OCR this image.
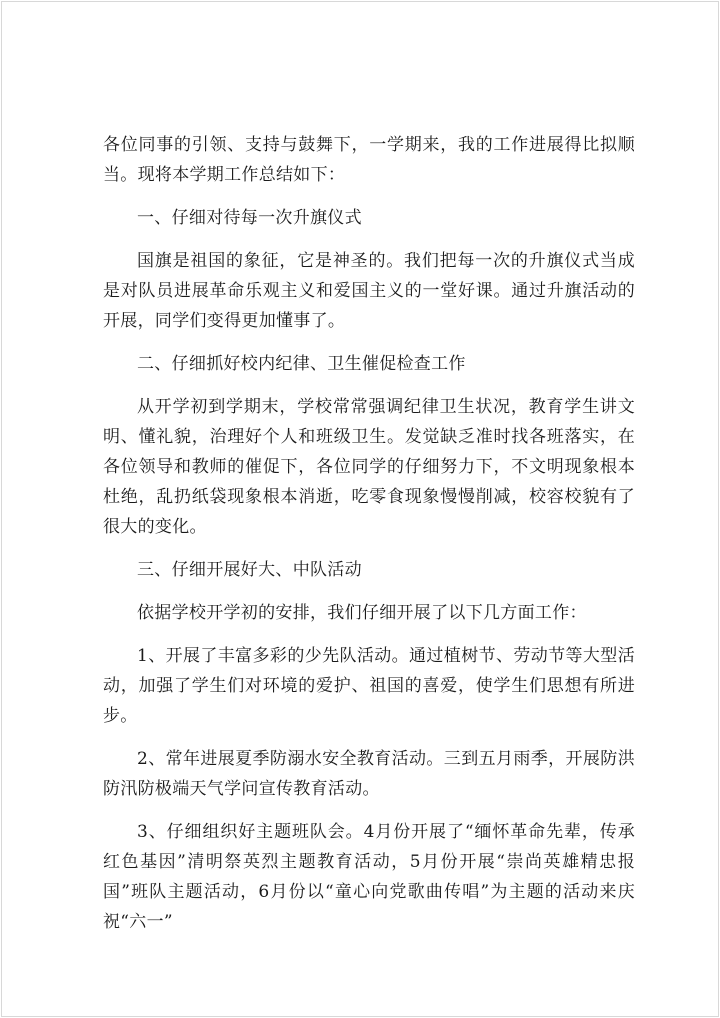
各位同事的引领、支持与鼓舞下，一学期来，我的工作进展得比拟顺当。现将本学期工作总结如下：

一、仔细对待每一次升旗仪式

国旗是祖国的象征，它是神圣的。我们把每一次的升旗仪式当成是对队员进展革命乐观主义和爱国主义的一堂好课。通过升旗活动的开展，同学们变得更加懂事了。

二、仔细抓好校内纪律、卫生催促检查工作

从开学初到学期末，学校常常强调纪律卫生状况，教育学生讲文明、懂礼貌，治理好个人和班级卫生。发觉缺乏准时找各班落实，在各位领导和教师的催促下，各位同学的仔细努力下，不文明现象根本杜绝，乱扔纸袋现象根本消逝，吃零食现象慢慢削减，校容校貌有了很大的变化。

三、仔细开展好大、中队活动

依据学校开学初的安排，我们仔细开展了以下几方面工作：

1、开展了丰富多彩的少先队活动。通过植树节、劳动节等大型活动，加强了学生们对环境的爱护、祖国的喜爱，使学生们思想有所进步。

2、常年进展夏季防溺水安全教育活动。三到五月雨季，开展防洪防汛防极端天气学问宣传教育活动。

3、仔细组织好主题班队会。4月份开展了“缅怀革命先辈，传承红色基因”清明祭英烈主题教育活动，5月份开展“崇尚英雄精忠报国”班队主题活动，6月份以“童心向党歌曲传唱”为主题的活动来庆祝“六一”
